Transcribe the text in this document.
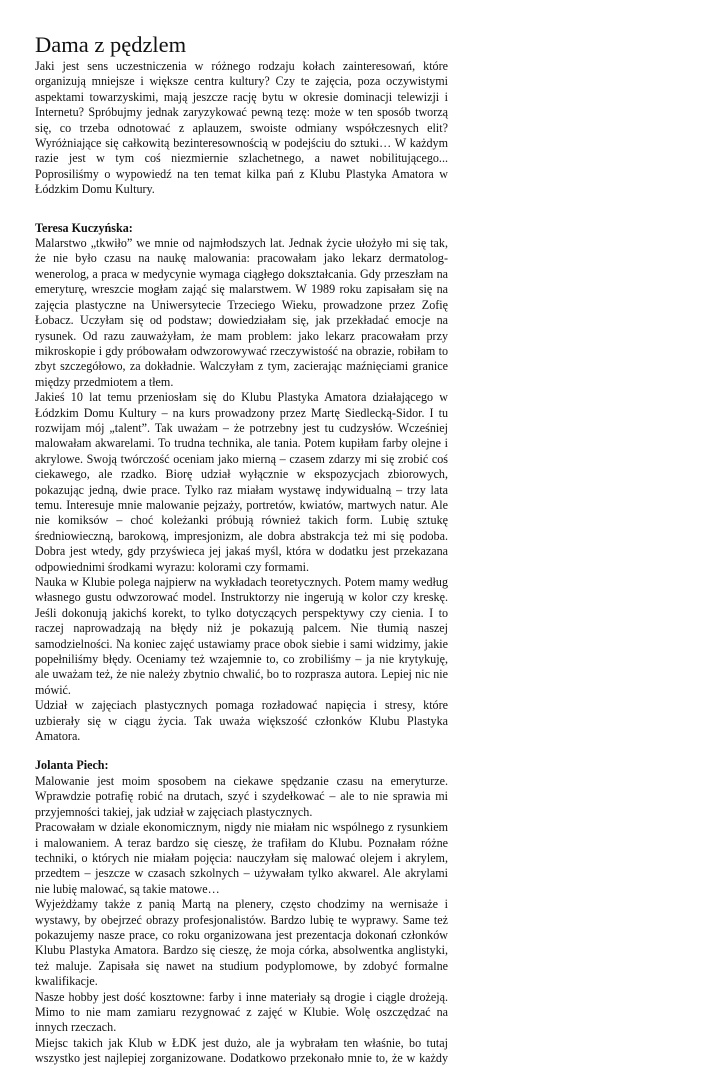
Dama z pędzlem

Jaki jest sens uczestniczenia w różnego rodzaju kołach zainteresowań, które organizują mniejsze i większe centra kultury? Czy te zajęcia, poza oczywistymi aspektami towarzyskimi, mają jeszcze rację bytu w okresie dominacji telewizji i Internetu? Spróbujmy jednak zaryzykować pewną tezę: może w ten sposób tworzą się, co trzeba odnotować z aplauzem, swoiste odmiany współczesnych elit? Wyróżniające się całkowitą bezinteresownością w podejściu do sztuki… W każdym razie jest w tym coś niezmiernie szlachetnego, a nawet nobilitującego... Poprosiliśmy o wypowiedź na ten temat kilka pań z Klubu Plastyka Amatora w Łódzkim Domu Kultury.

Teresa Kuczyńska:

Malarstwo „tkwiło” we mnie od najmłodszych lat. Jednak życie ułożyło mi się tak, że nie było czasu na naukę malowania: pracowałam jako lekarz dermatolog-wenerolog, a praca w medycynie wymaga ciągłego dokształcania. Gdy przeszłam na emeryturę, wreszcie mogłam zająć się malarstwem. W 1989 roku zapisałam się na zajęcia plastyczne na Uniwersytecie Trzeciego Wieku, prowadzone przez Zofię Łobacz. Uczyłam się od podstaw; dowiedziałam się, jak przekładać emocje na rysunek. Od razu zauważyłam, że mam problem: jako lekarz pracowałam przy mikroskopie i gdy próbowałam odwzorowywać rzeczywistość na obrazie, robiłam to zbyt szczegółowo, za dokładnie. Walczyłam z tym, zacierając maźnięciami granice między przedmiotem a tłem.

Jakieś 10 lat temu przeniosłam się do Klubu Plastyka Amatora działającego w Łódzkim Domu Kultury – na kurs prowadzony przez Martę Siedlecką-Sidor. I tu rozwijam mój „talent”. Tak uważam – że potrzebny jest tu cudzysłów. Wcześniej malowałam akwarelami. To trudna technika, ale tania. Potem kupiłam farby olejne i akrylowe. Swoją twórczość oceniam jako mierną – czasem zdarzy mi się zrobić coś ciekawego, ale rzadko. Biorę udział wyłącznie w ekspozycjach zbiorowych, pokazując jedną, dwie prace. Tylko raz miałam wystawę indywidualną – trzy lata temu. Interesuje mnie malowanie pejzaży, portretów, kwiatów, martwych natur. Ale nie komiksów – choć koleżanki próbują również takich form. Lubię sztukę średniowieczną, barokową, impresjonizm, ale dobra abstrakcja też mi się podoba. Dobra jest wtedy, gdy przyświeca jej jakaś myśl, która w dodatku jest przekazana odpowiednimi środkami wyrazu: kolorami czy formami.

Nauka w Klubie polega najpierw na wykładach teoretycznych. Potem mamy według własnego gustu odwzorować model. Instruktorzy nie ingerują w kolor czy kreskę. Jeśli dokonują jakichś korekt, to tylko dotyczących perspektywy czy cienia. I to raczej naprowadzają na błędy niż je pokazują palcem. Nie tłumią naszej samodzielności. Na koniec zajęć ustawiamy prace obok siebie i sami widzimy, jakie popełniliśmy błędy. Oceniamy też wzajemnie to, co zrobiliśmy – ja nie krytykuję, ale uważam też, że nie należy zbytnio chwalić, bo to rozprasza autora. Lepiej nic nie mówić.

Udział w zajęciach plastycznych pomaga rozładować napięcia i stresy, które uzbierały się w ciągu życia. Tak uważa większość członków Klubu Plastyka Amatora.

Jolanta Piech:

Malowanie jest moim sposobem na ciekawe spędzanie czasu na emeryturze. Wprawdzie potrafię robić na drutach, szyć i szydełkować – ale to nie sprawia mi przyjemności takiej, jak udział w zajęciach plastycznych.

Pracowałam w dziale ekonomicznym, nigdy nie miałam nic wspólnego z rysunkiem i malowaniem. A teraz bardzo się cieszę, że trafiłam do Klubu. Poznałam różne techniki, o których nie miałam pojęcia: nauczyłam się malować olejem i akrylem, przedtem – jeszcze w czasach szkolnych – używałam tylko akwarel. Ale akrylami nie lubię malować, są takie matowe…

Wyjeżdżamy także z panią Martą na plenery, często chodzimy na wernisaże i wystawy, by obejrzeć obrazy profesjonalistów. Bardzo lubię te wyprawy. Same też pokazujemy nasze prace, co roku organizowana jest prezentacja dokonań członków Klubu Plastyka Amatora. Bardzo się cieszę, że moja córka, absolwentka anglistyki, też maluje. Zapisała się nawet na studium podyplomowe, by zdobyć formalne kwalifikacje.

Nasze hobby jest dość kosztowne: farby i inne materiały są drogie i ciągle drożeją. Mimo to nie mam zamiaru rezygnować z zajęć w Klubie. Wolę oszczędzać na innych rzeczach.

Miejsc takich jak Klub w ŁDK jest dużo, ale ja wybrałam ten właśnie, bo tutaj wszystko jest najlepiej zorganizowane. Dodatkowo przekonało mnie to, że w każdy
